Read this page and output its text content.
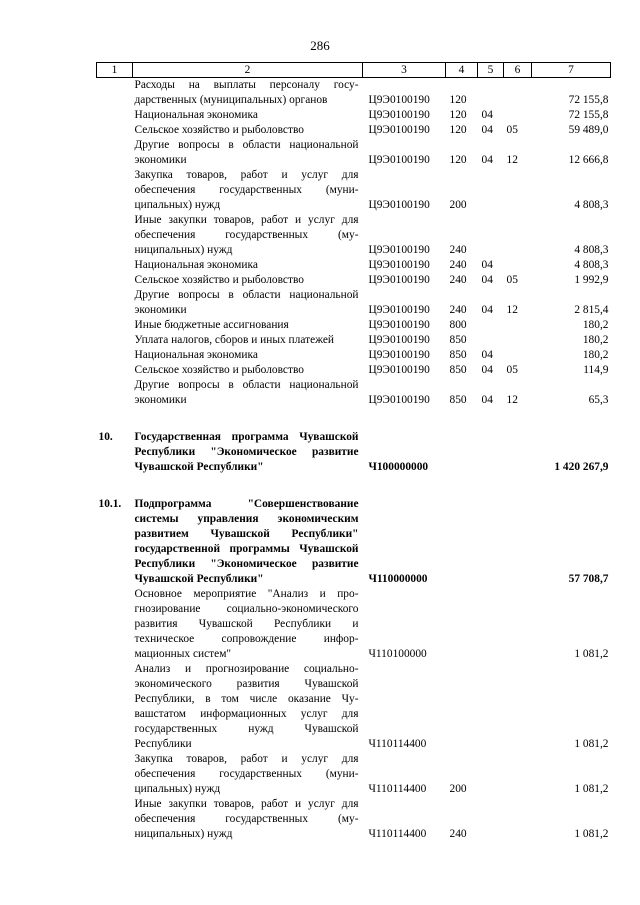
286
1	2	3	4	5	6	7
	Расходы на выплаты персоналу государственных (муниципальных) органов	Ц9Э0100190	120			72 155,8
	Национальная экономика	Ц9Э0100190	120	04		72 155,8
	Сельское хозяйство и рыболовство	Ц9Э0100190	120	04	05	59 489,0
	Другие вопросы в области национальной экономики	Ц9Э0100190	120	04	12	12 666,8
	Закупка товаров, работ и услуг для обеспечения государственных (муниципальных) нужд	Ц9Э0100190	200			4 808,3
	Иные закупки товаров, работ и услуг для обеспечения государственных (муниципальных) нужд	Ц9Э0100190	240			4 808,3
	Национальная экономика	Ц9Э0100190	240	04		4 808,3
	Сельское хозяйство и рыболовство	Ц9Э0100190	240	04	05	1 992,9
	Другие вопросы в области национальной экономики	Ц9Э0100190	240	04	12	2 815,4
	Иные бюджетные ассигнования	Ц9Э0100190	800			180,2
	Уплата налогов, сборов и иных платежей	Ц9Э0100190	850			180,2
	Национальная экономика	Ц9Э0100190	850	04		180,2
	Сельское хозяйство и рыболовство	Ц9Э0100190	850	04	05	114,9
	Другие вопросы в области национальной экономики	Ц9Э0100190	850	04	12	65,3

10.	Государственная программа Чувашской Республики "Экономическое развитие Чувашской Республики"	Ч100000000				1 420 267,9

10.1.	Подпрограмма "Совершенствование системы управления экономическим развитием Чувашской Республики" государственной программы Чувашской Республики "Экономическое развитие Чувашской Республики"	Ч110000000				57 708,7
	Основное мероприятие "Анализ и прогнозирование социально-экономического развития Чувашской Республики и техническое сопровождение информационных систем"	Ч110100000				1 081,2
	Анализ и прогнозирование социально-экономического развития Чувашской Республики, в том числе оказание Чувашстатом информационных услуг для государственных нужд Чувашской Республики	Ч110114400				1 081,2
	Закупка товаров, работ и услуг для обеспечения государственных (муниципальных) нужд	Ч110114400	200			1 081,2
	Иные закупки товаров, работ и услуг для обеспечения государственных (муниципальных) нужд	Ч110114400	240			1 081,2
